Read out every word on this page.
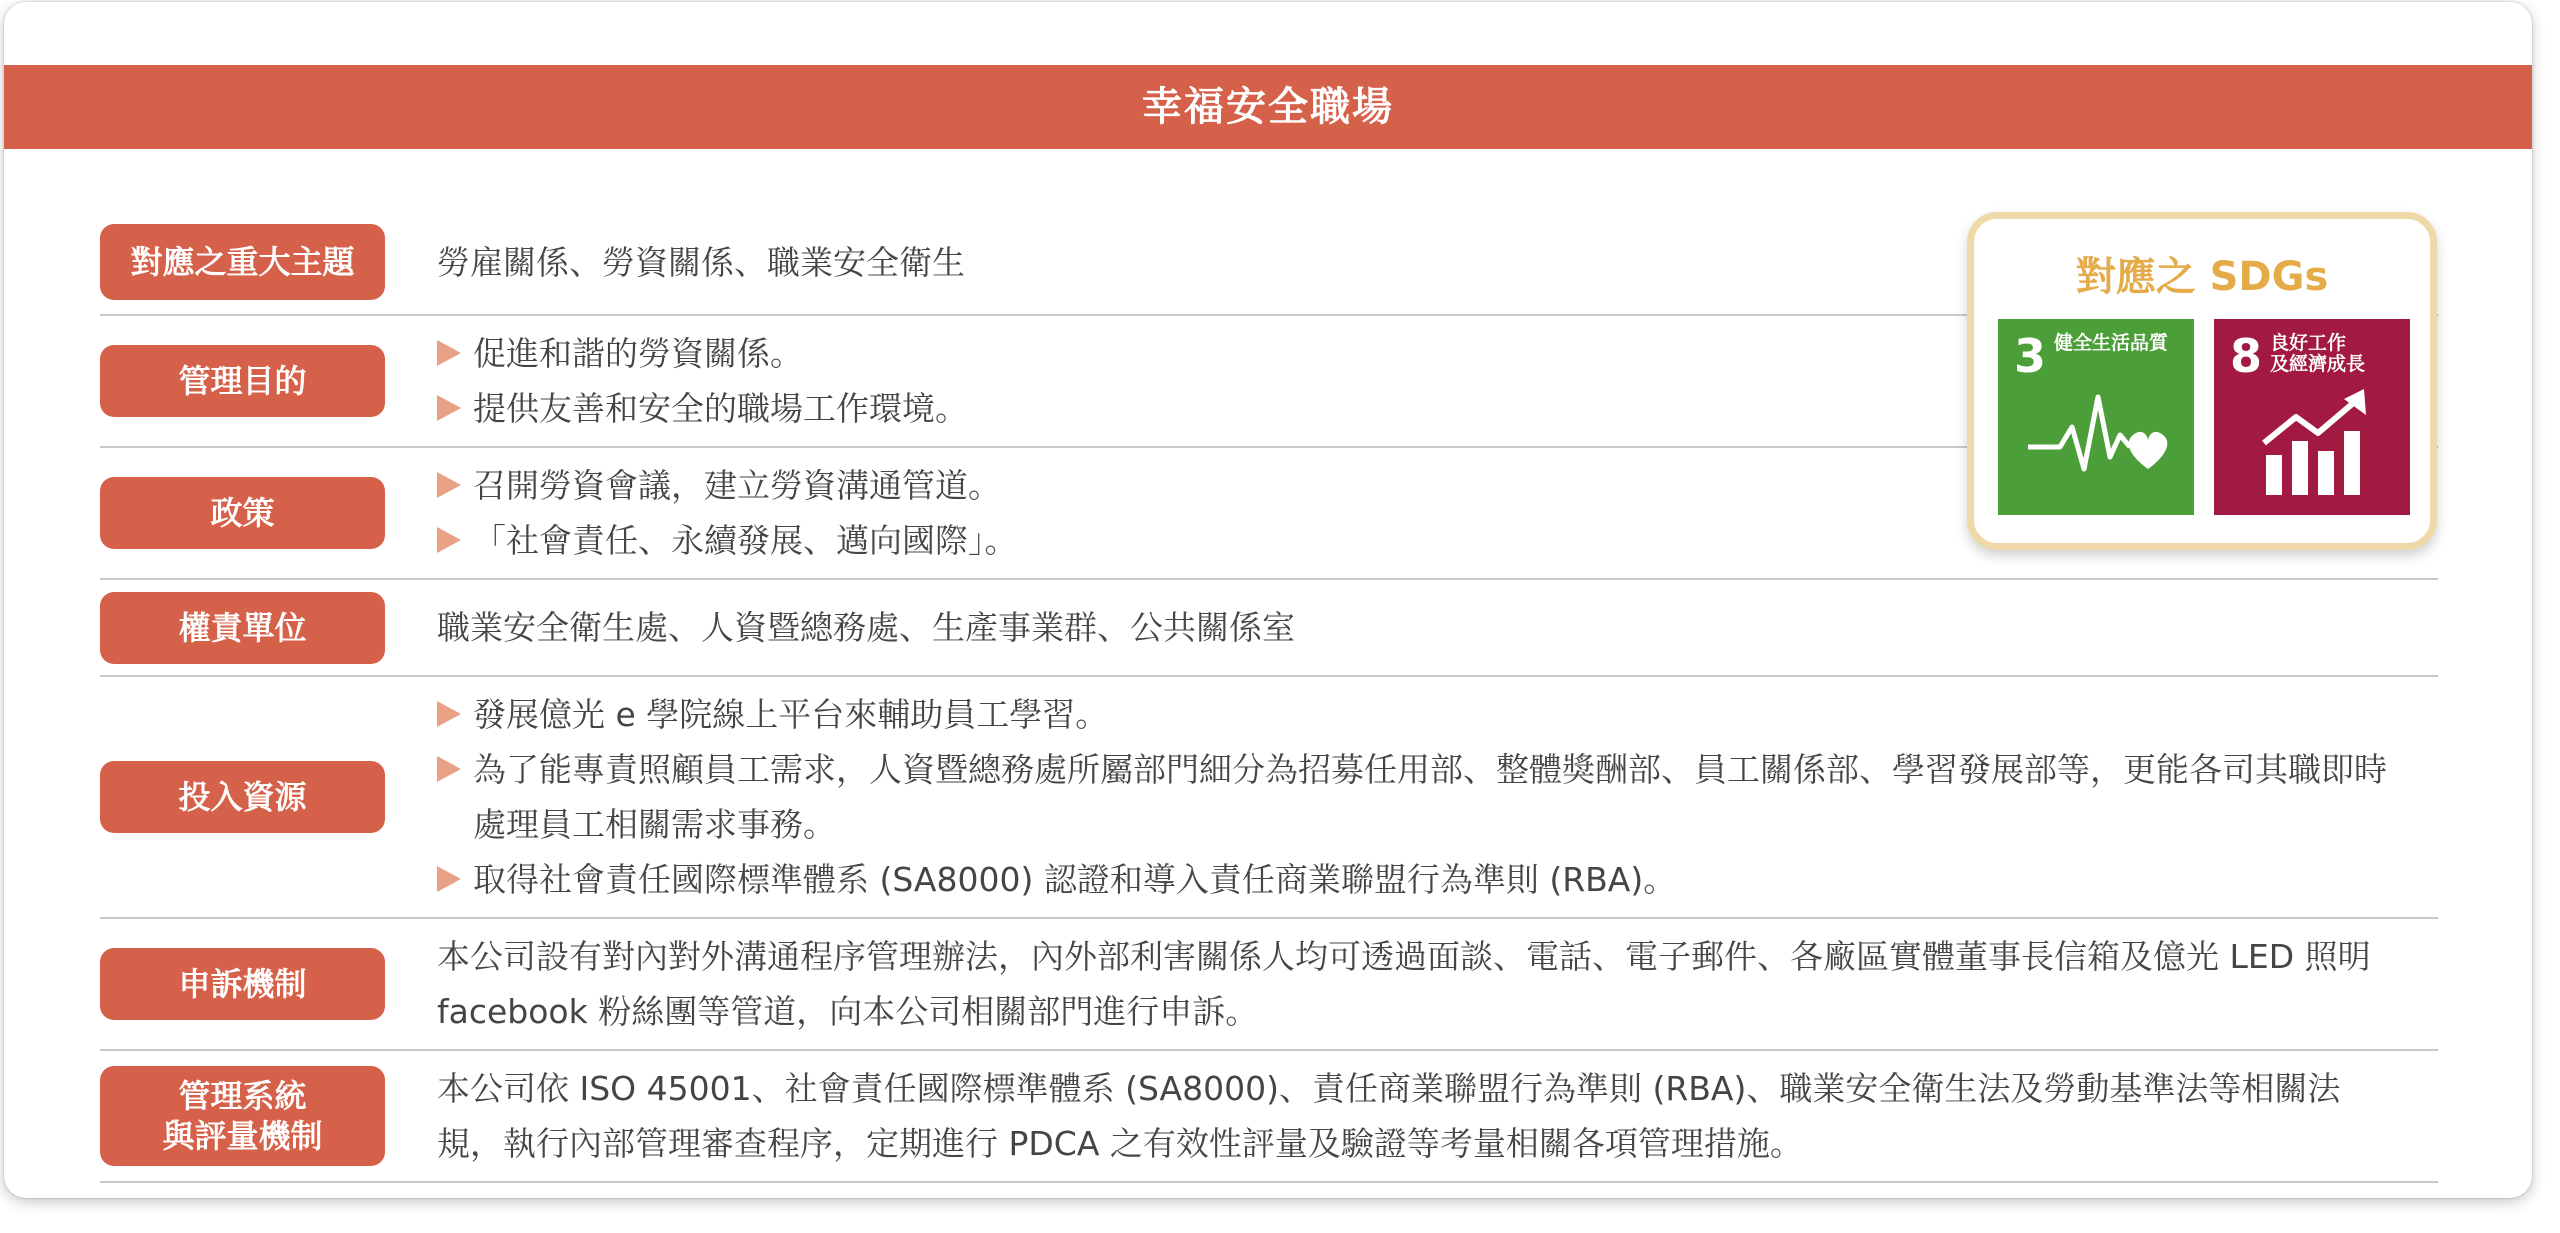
幸福安全職場
對應之重大主題	勞雇關係、勞資關係、職業安全衛生

管理目的
促進和諧的勞資關係。
提供友善和安全的職場工作環境。
政策
召開勞資會議，建立勞資溝通管道。
「社會責任、永續發展、邁向國際」。
權責單位	職業安全衛生處、人資暨總務處、生產事業群、公共關係室

投入資源
發展億光 e 學院線上平台來輔助員工學習。
為了能專責照顧員工需求，人資暨總務處所屬部門細分為招募任用部、整體獎酬部、員工關係部、學習發展部等，更能各司其職即時處理員工相關需求事務。
取得社會責任國際標準體系 (SA8000) 認證和導入責任商業聯盟行為準則 (RBA)。
申訴機制

本公司設有對內對外溝通程序管理辦法，內外部利害關係人均可透過面談、電話、電子郵件、各廠區實體董事長信箱及億光 LED 照明 facebook 粉絲團等管道，向本公司相關部門進行申訴。

管理系統
與評量機制

本公司依 ISO 45001、社會責任國際標準體系 (SA8000)、責任商業聯盟行為準則 (RBA)、職業安全衛生法及勞動基準法等相關法規，執行內部管理審查程序，定期進行 PDCA 之有效性評量及驗證等考量相關各項管理措施。

對應之 SDGs
3 健全生活品質 8 良好工作
及經濟成長
